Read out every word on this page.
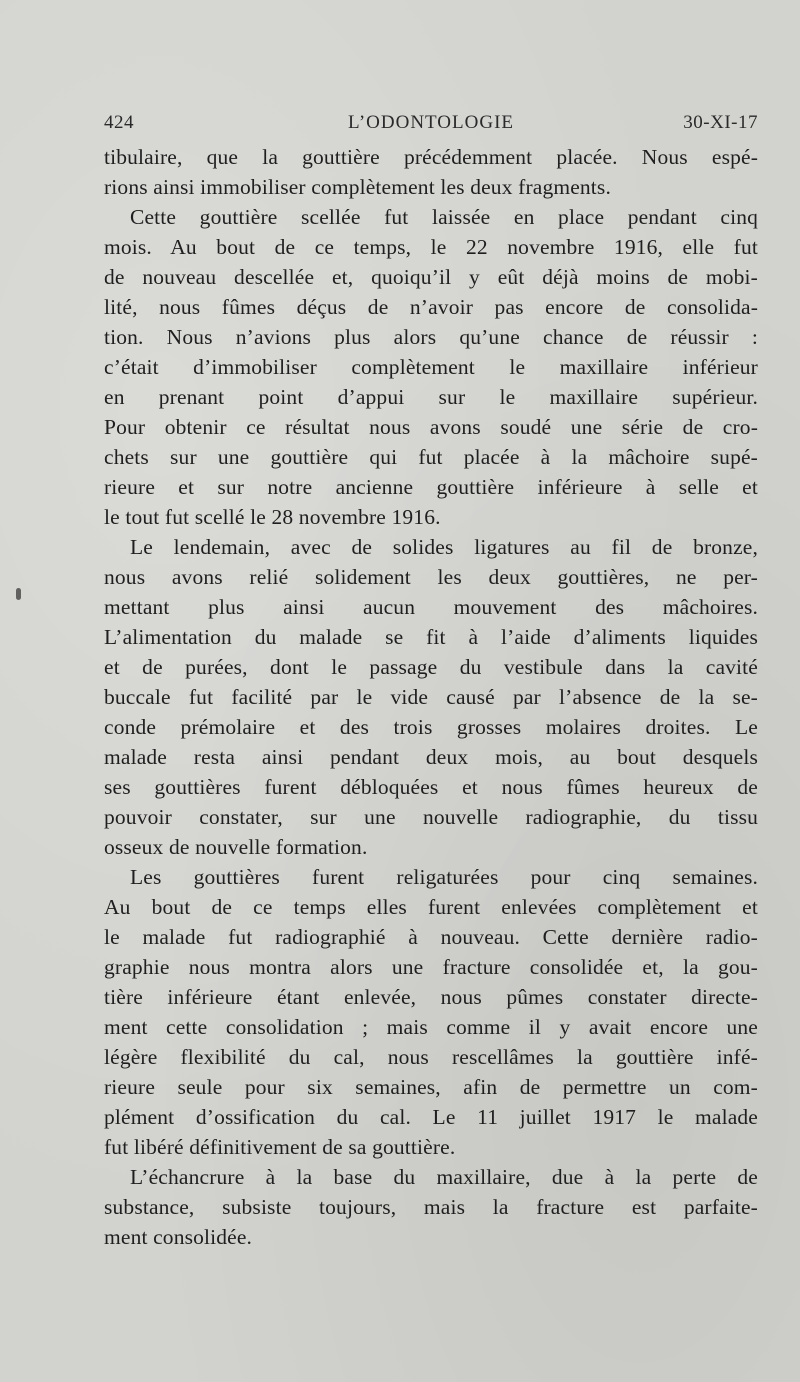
424	L’ODONTOLOGIE	30-XI-17
tibulaire, que la gouttière précédemment placée. Nous espé-
rions ainsi immobiliser complètement les deux fragments.
Cette gouttière scellée fut laissée en place pendant cinq
mois. Au bout de ce temps, le 22 novembre 1916, elle fut
de nouveau descellée et, quoiqu’il y eût déjà moins de mobi-
lité, nous fûmes déçus de n’avoir pas encore de consolida-
tion. Nous n’avions plus alors qu’une chance de réussir :
c’était d’immobiliser complètement le maxillaire inférieur
en prenant point d’appui sur le maxillaire supérieur.
Pour obtenir ce résultat nous avons soudé une série de cro-
chets sur une gouttière qui fut placée à la mâchoire supé-
rieure et sur notre ancienne gouttière inférieure à selle et
le tout fut scellé le 28 novembre 1916.
Le lendemain, avec de solides ligatures au fil de bronze,
nous avons relié solidement les deux gouttières, ne per-
mettant plus ainsi aucun mouvement des mâchoires.
L’alimentation du malade se fit à l’aide d’aliments liquides
et de purées, dont le passage du vestibule dans la cavité
buccale fut facilité par le vide causé par l’absence de la se-
conde prémolaire et des trois grosses molaires droites. Le
malade resta ainsi pendant deux mois, au bout desquels
ses gouttières furent débloquées et nous fûmes heureux de
pouvoir constater, sur une nouvelle radiographie, du tissu
osseux de nouvelle formation.
Les gouttières furent religaturées pour cinq semaines.
Au bout de ce temps elles furent enlevées complètement et
le malade fut radiographié à nouveau. Cette dernière radio-
graphie nous montra alors une fracture consolidée et, la gou-
tière inférieure étant enlevée, nous pûmes constater directe-
ment cette consolidation ; mais comme il y avait encore une
légère flexibilité du cal, nous rescellâmes la gouttière infé-
rieure seule pour six semaines, afin de permettre un com-
plément d’ossification du cal. Le 11 juillet 1917 le malade
fut libéré définitivement de sa gouttière.
L’échancrure à la base du maxillaire, due à la perte de
substance, subsiste toujours, mais la fracture est parfaite-
ment consolidée.
